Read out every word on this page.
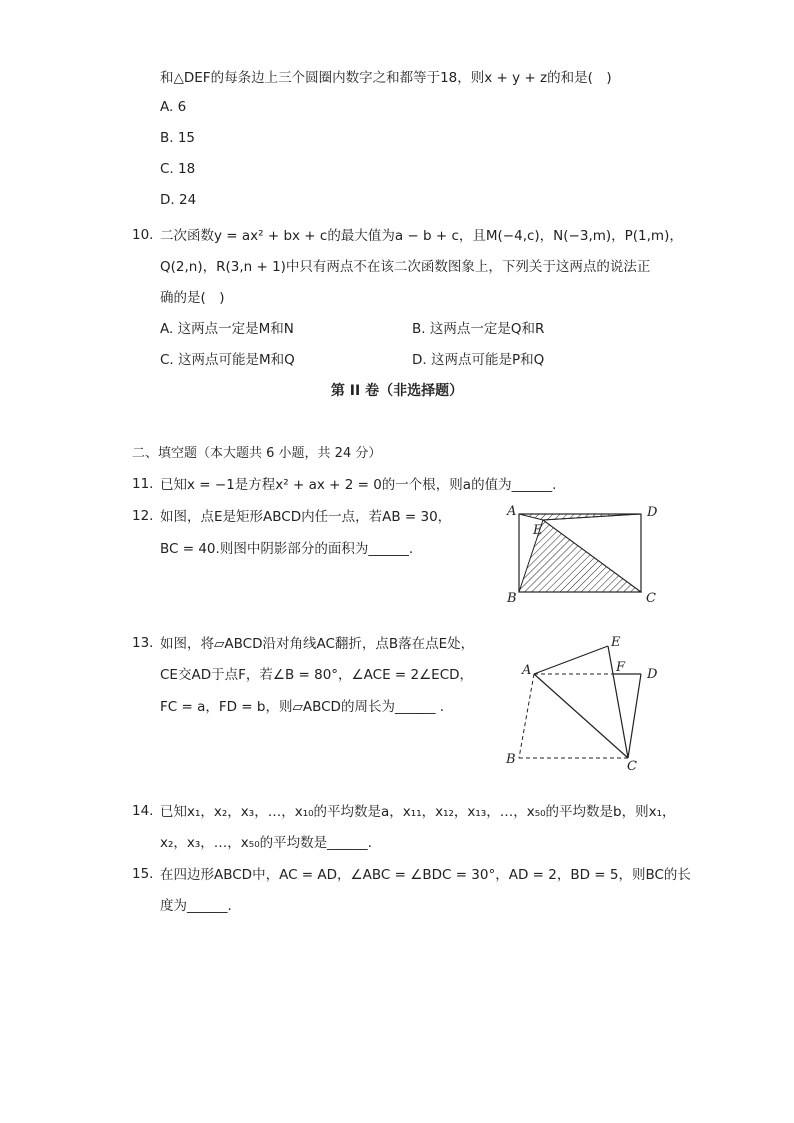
和△DEF的每条边上三个圆圈内数字之和都等于18，则x + y + z的和是(　)
A. 6
B. 15
C. 18
D. 24
10. 二次函数y = ax² + bx + c的最大值为a − b + c，且M(−4,c)，N(−3,m)，P(1,m)，
Q(2,n)，R(3,n + 1)中只有两点不在该二次函数图象上，下列关于这两点的说法正
确的是(　)
A. 这两点一定是M和N	B. 这两点一定是Q和R
C. 这两点可能是M和Q	D. 这两点可能是P和Q
第 II 卷（非选择题）
二、填空题（本大题共 6 小题，共 24 分）
11. 已知x = −1是方程x² + ax + 2 = 0的一个根，则a的值为______.
12. 如图，点E是矩形ABCD内任一点，若AB = 30，
BC = 40.则图中阴影部分的面积为______.
A	D
B	C
E
13. 如图，将▱ABCD沿对角线AC翻折，点B落在点E处，
CE交AD于点F，若∠B = 80°，∠ACE = 2∠ECD，
FC = a，FD = b，则▱ABCD的周长为______ .
E
F
A	D
B	C
14. 已知x₁，x₂，x₃，…，x₁₀的平均数是a，x₁₁，x₁₂，x₁₃，…，x₅₀的平均数是b，则x₁，
x₂，x₃，…，x₅₀的平均数是______.
15. 在四边形ABCD中，AC = AD，∠ABC = ∠BDC = 30°，AD = 2，BD = 5，则BC的长
度为______.
